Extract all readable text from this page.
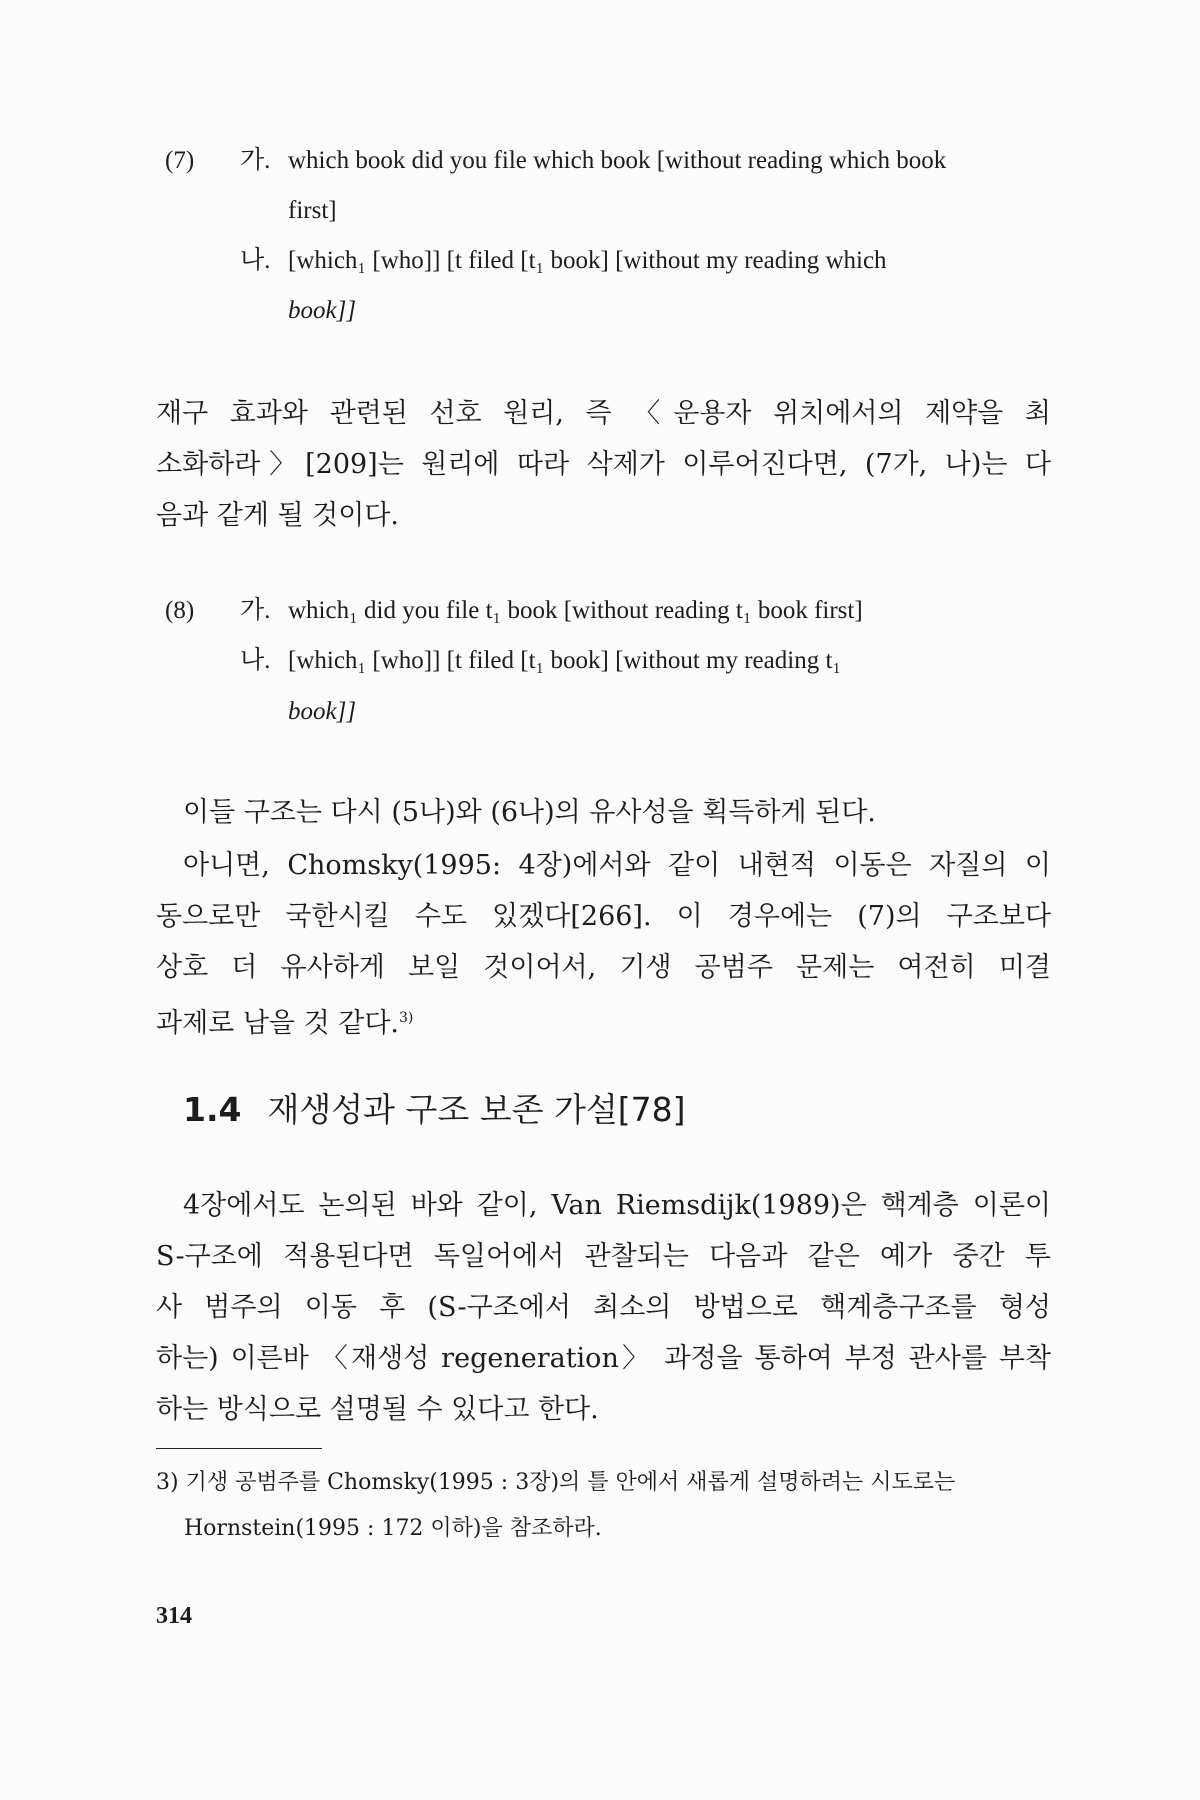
(7) 가. which book did you file which book [without reading which book
first]
나. [which₁ [who]] [t filed [t₁ book] [without my reading which
book]]
재구 효과와 관련된 선호 원리, 즉 〈운용자 위치에서의 제약을 최
소화하라〉[209]는 원리에 따라 삭제가 이루어진다면, (7가, 나)는 다
음과 같게 될 것이다.
(8) 가. which₁ did you file t₁ book [without reading t₁ book first]
나. [which₁ [who]] [t filed [t₁ book] [without my reading t₁
book]]
이들 구조는 다시 (5나)와 (6나)의 유사성을 획득하게 된다.
아니면, Chomsky(1995: 4장)에서와 같이 내현적 이동은 자질의 이
동으로만 국한시킬 수도 있겠다[266]. 이 경우에는 (7)의 구조보다
상호 더 유사하게 보일 것이어서, 기생 공범주 문제는 여전히 미결
과제로 남을 것 같다.$^{3)}$
1.4 재생성과 구조 보존 가설[78]
4장에서도 논의된 바와 같이, Van Riemsdijk(1989)은 핵계층 이론이
S-구조에 적용된다면 독일어에서 관찰되는 다음과 같은 예가 중간 투
사 범주의 이동 후 (S-구조에서 최소의 방법으로 핵계층구조를 형성
하는) 이른바 〈재생성 regeneration〉 과정을 통하여 부정 관사를 부착
하는 방식으로 설명될 수 있다고 한다.
3) 기생 공범주를 Chomsky(1995 : 3장)의 틀 안에서 새롭게 설명하려는 시도로는
Hornstein(1995 : 172 이하)을 참조하라.
314
